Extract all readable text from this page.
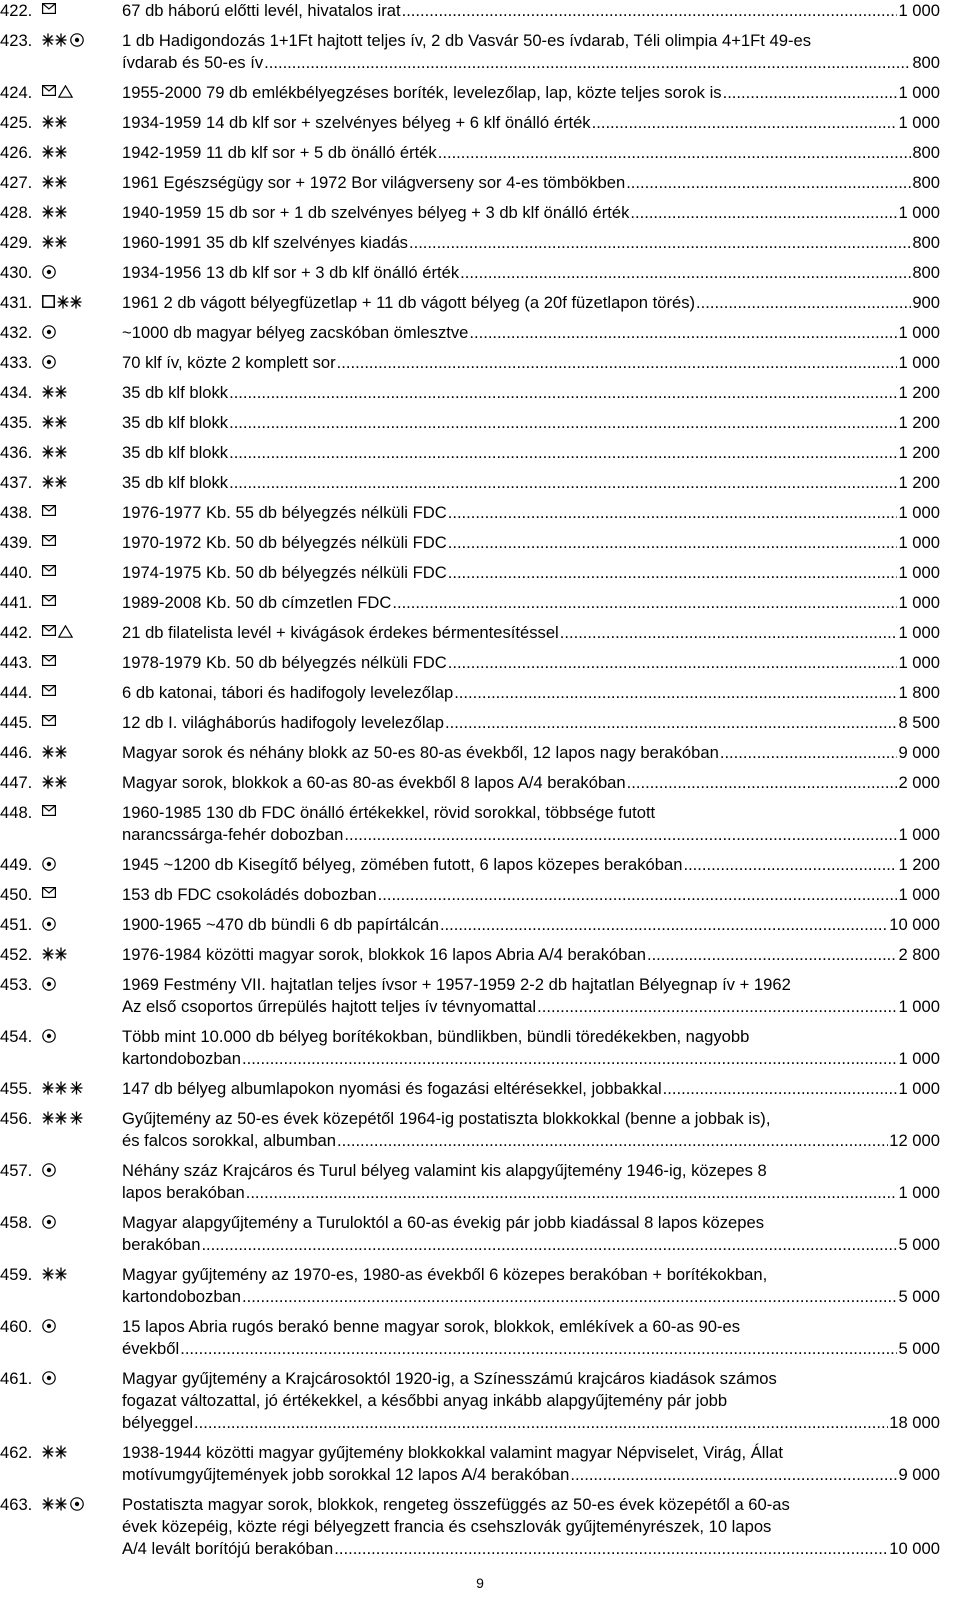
422.	67 db háború előtti levél, hivatalos irat	1 000
.....
423.	1 db Hadigondozás 1+1Ft hajtott teljes ív, 2 db Vasvár 50-es ívdarab, Téli olimpia 4+1Ft 49-es
ívdarab és 50-es ív	800
.....
424.	1955-2000 79 db emlékbélyegzéses boríték, levelezőlap, lap, közte teljes sorok is	1 000
.....
425.	1934-1959 14 db klf sor + szelvényes bélyeg + 6 klf önálló érték	1 000
.....
426.	1942-1959 11 db klf sor + 5 db önálló érték	800
.....
427.	1961 Egészségügy sor + 1972 Bor világverseny sor 4-es tömbökben	800
.....
428.	1940-1959 15 db sor + 1 db szelvényes bélyeg + 3 db klf önálló érték	1 000
.....
429.	1960-1991 35 db klf szelvényes kiadás	800
.....
430.	1934-1956 13 db klf sor + 3 db klf önálló érték	800
.....
431.	1961 2 db vágott bélyegfüzetlap + 11 db vágott bélyeg (a 20f füzetlapon törés)	900
.....
432.	~1000 db magyar bélyeg zacskóban ömlesztve	1 000
.....
433.	70 klf ív, közte 2 komplett sor	1 000
.....
434.	35 db klf blokk	1 200
.....
435.	35 db klf blokk	1 200
.....
436.	35 db klf blokk	1 200
.....
437.	35 db klf blokk	1 200
.....
438.	1976-1977 Kb. 55 db bélyegzés nélküli FDC	1 000
.....
439.	1970-1972 Kb. 50 db bélyegzés nélküli FDC	1 000
.....
440.	1974-1975 Kb. 50 db bélyegzés nélküli FDC	1 000
.....
441.	1989-2008 Kb. 50 db címzetlen FDC	1 000
.....
442.	21 db filatelista levél + kivágások érdekes bérmentesítéssel	1 000
.....
443.	1978-1979 Kb. 50 db bélyegzés nélküli FDC	1 000
.....
444.	6 db katonai, tábori és hadifogoly levelezőlap	1 800
.....
445.	12 db I. világháborús hadifogoly levelezőlap	8 500
.....
446.	Magyar sorok és néhány blokk az 50-es 80-as évekből, 12 lapos nagy berakóban	9 000
.....
447.	Magyar sorok, blokkok a 60-as 80-as évekből 8 lapos A/4 berakóban	2 000
.....
448.	1960-1985 130 db FDC önálló értékekkel, rövid sorokkal, többsége futott
narancssárga-fehér dobozban	1 000
.....
449.	1945 ~1200 db Kisegítő bélyeg, zömében futott, 6 lapos közepes berakóban	1 200
.....
450.	153 db FDC csokoládés dobozban	1 000
.....
451.	1900-1965 ~470 db bündli 6 db papírtálcán	10 000
.....
452.	1976-1984 közötti magyar sorok, blokkok 16 lapos Abria A/4 berakóban	2 800
.....
453.	1969 Festmény VII. hajtatlan teljes ívsor + 1957-1959 2-2 db hajtatlan Bélyegnap ív + 1962
Az első csoportos űrrepülés hajtott teljes ív tévnyomattal	1 000
.....
454.	Több mint 10.000 db bélyeg borítékokban, bündlikben, bündli töredékekben, nagyobb
kartondobozban	1 000
.....
455.	147 db bélyeg albumlapokon nyomási és fogazási eltérésekkel, jobbakkal	1 000
.....
456.	Gyűjtemény az 50-es évek közepétől 1964-ig postatiszta blokkokkal (benne a jobbak is),
és falcos sorokkal, albumban	12 000
.....
457.	Néhány száz Krajcáros és Turul bélyeg valamint kis alapgyűjtemény 1946-ig, közepes 8
lapos berakóban	1 000
.....
458.	Magyar alapgyűjtemény a Turuloktól a 60-as évekig pár jobb kiadással 8 lapos közepes
berakóban	5 000
.....
459.	Magyar gyűjtemény az 1970-es, 1980-as évekből 6 közepes berakóban + borítékokban,
kartondobozban	5 000
.....
460.	15 lapos Abria rugós berakó benne magyar sorok, blokkok, emlékívek a 60-as 90-es
évekből	5 000
.....
461.	Magyar gyűjtemény a Krajcárosoktól 1920-ig, a Színesszámú krajcáros kiadások számos
fogazat változattal, jó értékekkel, a későbbi anyag inkább alapgyűjtemény pár jobb
bélyeggel	18 000
.....
462.	1938-1944 közötti magyar gyűjtemény blokkokkal valamint magyar Népviselet, Virág, Állat
motívumgyűjtemények jobb sorokkal 12 lapos A/4 berakóban	9 000
.....
463.	Postatiszta magyar sorok, blokkok, rengeteg összefüggés az 50-es évek közepétől a 60-as
évek közepéig, közte régi bélyegzett francia és csehszlovák gyűjteményrészek, 10 lapos
A/4 levált borítójú berakóban	10 000
.....
9
